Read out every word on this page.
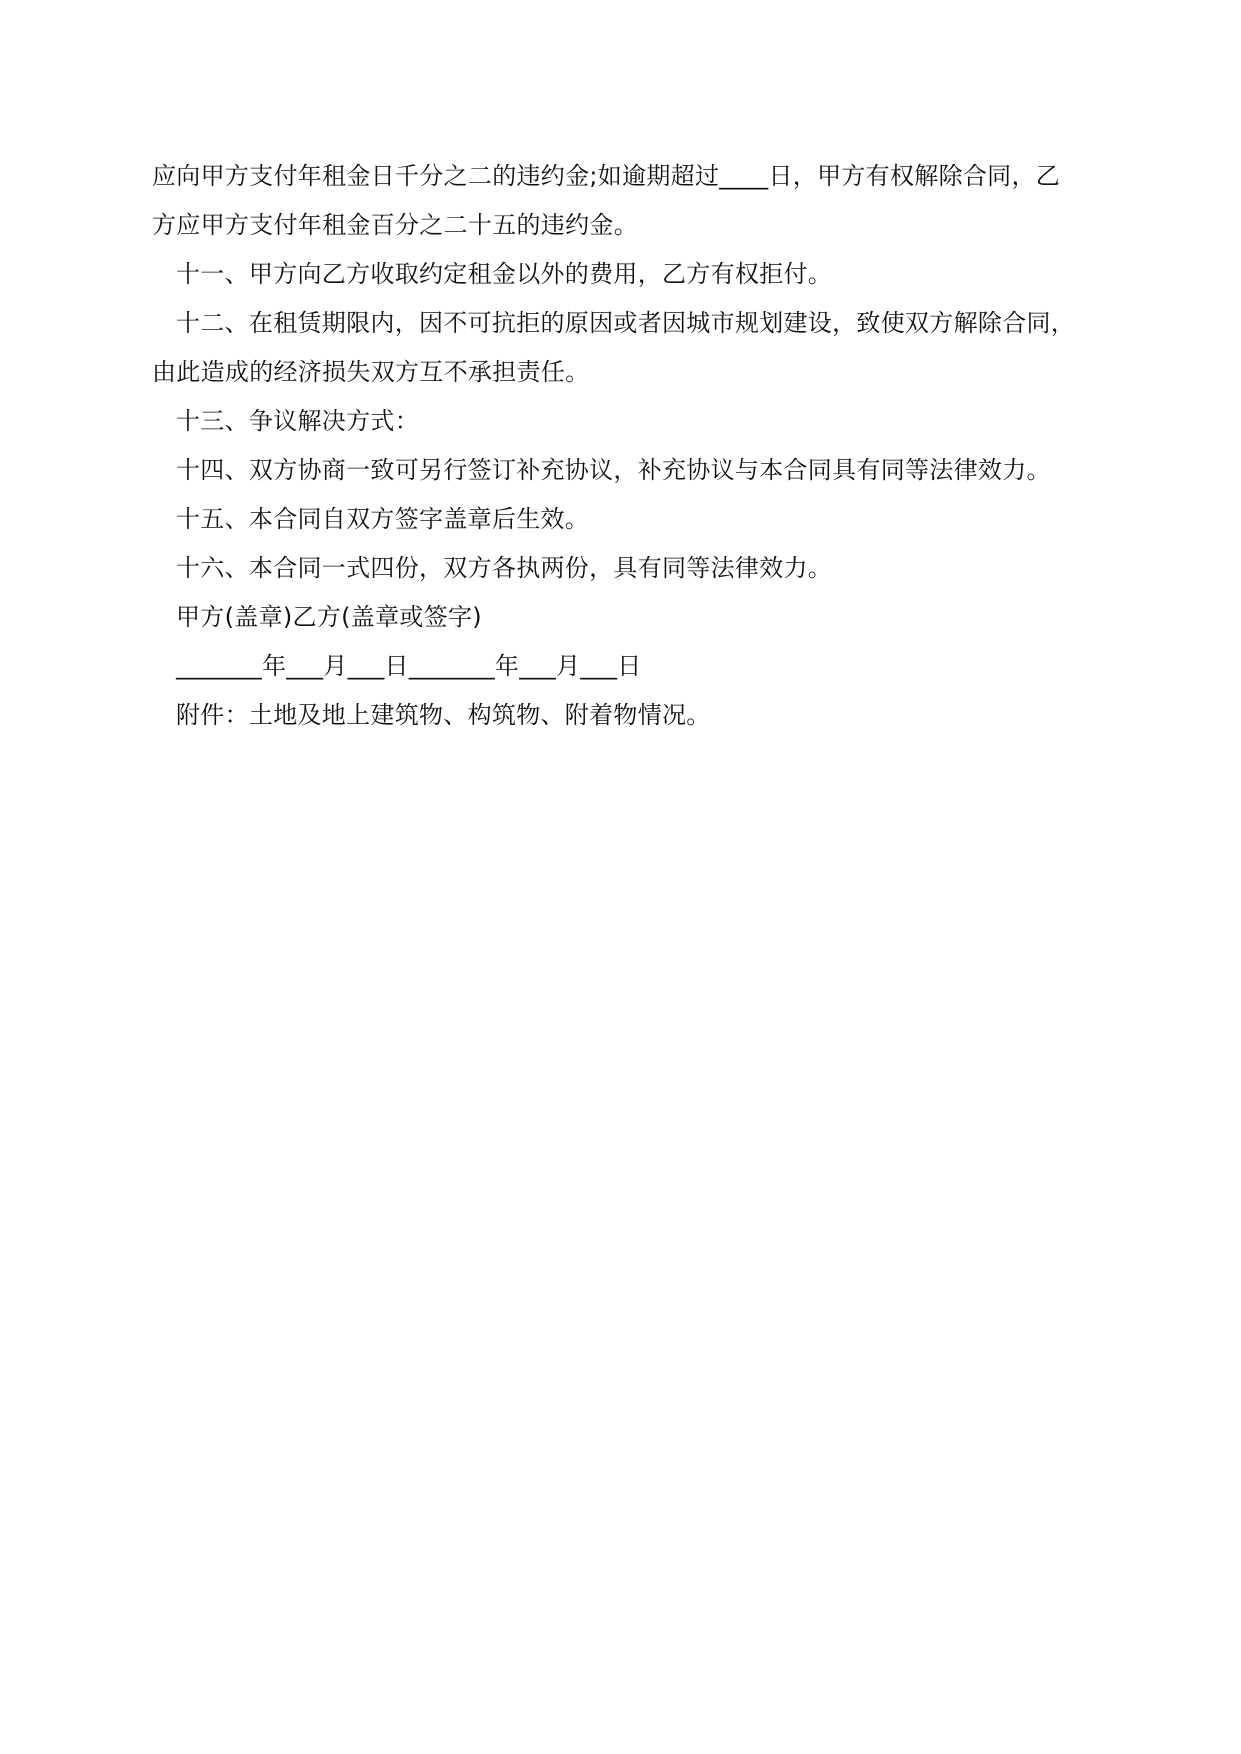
应向甲方支付年租金日千分之二的违约金;如逾期超过____日，甲方有权解除合同，乙
方应甲方支付年租金百分之二十五的违约金。
十一、甲方向乙方收取约定租金以外的费用，乙方有权拒付。
十二、在租赁期限内，因不可抗拒的原因或者因城市规划建设，致使双方解除合同，
由此造成的经济损失双方互不承担责任。
十三、争议解决方式：
十四、双方协商一致可另行签订补充协议，补充协议与本合同具有同等法律效力。
十五、本合同自双方签字盖章后生效。
十六、本合同一式四份，双方各执两份，具有同等法律效力。
甲方(盖章)乙方(盖章或签字)
_______年___月___日_______年___月___日
附件：土地及地上建筑物、构筑物、附着物情况。
